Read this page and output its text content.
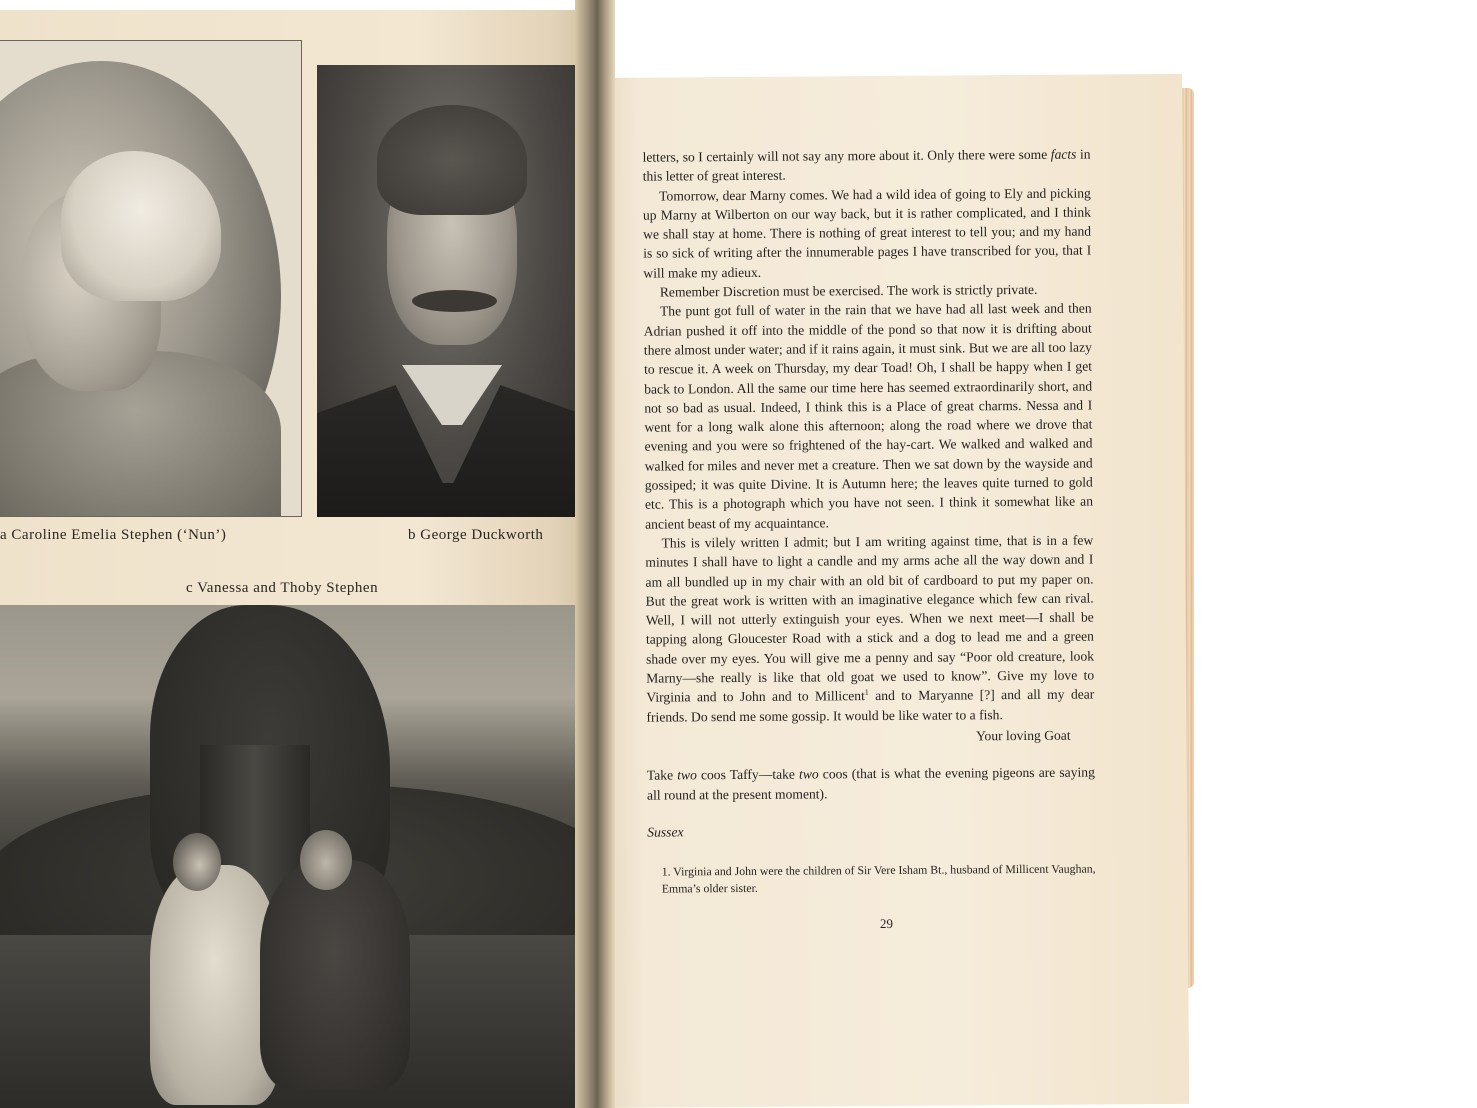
a Caroline Emelia Stephen (‘Nun’)	b George Duckworth
c Vanessa and Thoby Stephen

letters, so I certainly will not say any more about it. Only there were some facts in this letter of great interest.

Tomorrow, dear Marny comes. We had a wild idea of going to Ely and picking up Marny at Wilberton on our way back, but it is rather complicated, and I think we shall stay at home. There is nothing of great interest to tell you; and my hand is so sick of writing after the innumerable pages I have transcribed for you, that I will make my adieux.

Remember Discretion must be exercised. The work is strictly private.

The punt got full of water in the rain that we have had all last week and then Adrian pushed it off into the middle of the pond so that now it is drifting about there almost under water; and if it rains again, it must sink. But we are all too lazy to rescue it. A week on Thursday, my dear Toad! Oh, I shall be happy when I get back to London. All the same our time here has seemed extraordinarily short, and not so bad as usual. Indeed, I think this is a Place of great charms. Nessa and I went for a long walk alone this afternoon; along the road where we drove that evening and you were so frightened of the hay-cart. We walked and walked and walked for miles and never met a creature. Then we sat down by the wayside and gossiped; it was quite Divine. It is Autumn here; the leaves quite turned to gold etc. This is a photograph which you have not seen. I think it somewhat like an ancient beast of my acquaintance.

This is vilely written I admit; but I am writing against time, that is in a few minutes I shall have to light a candle and my arms ache all the way down and I am all bundled up in my chair with an old bit of cardboard to put my paper on. But the great work is written with an imaginative elegance which few can rival. Well, I will not utterly extinguish your eyes. When we next meet—I shall be tapping along Gloucester Road with a stick and a dog to lead me and a green shade over my eyes. You will give me a penny and say “Poor old creature, look Marny—she really is like that old goat we used to know”. Give my love to Virginia and to John and to Millicent$^1$ and to Maryanne [?] and all my dear friends. Do send me some gossip. It would be like water to a fish.

Your loving Goat

Take two coos Taffy—take two coos (that is what the evening pigeons are saying all round at the present moment).

Sussex

1. Virginia and John were the children of Sir Vere Isham Bt., husband of Millicent Vaughan, Emma’s older sister.

29
